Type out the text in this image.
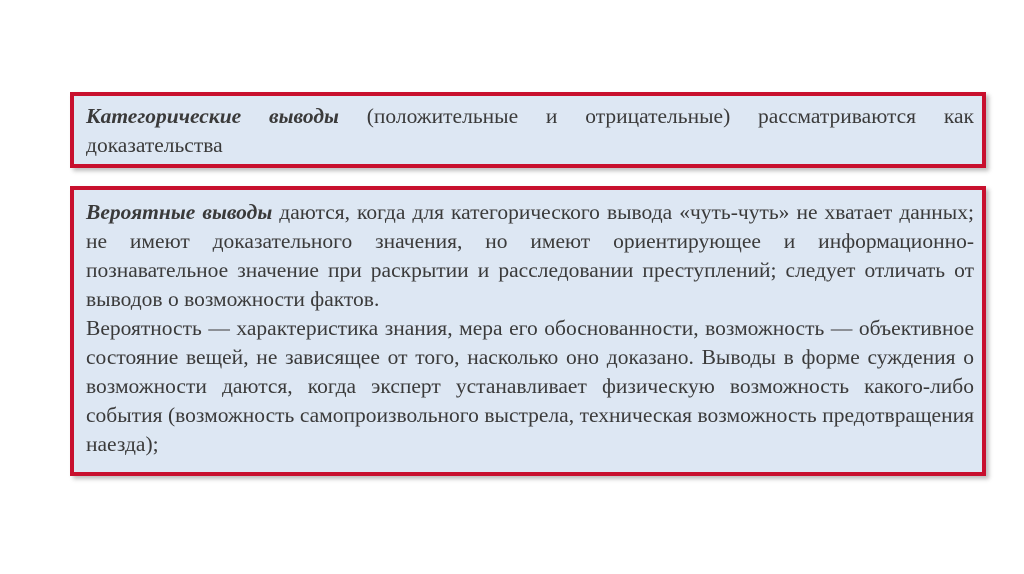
Категорические выводы (положительные и отрицательные) рассматриваются как доказательства

Вероятные выводы даются, когда для категорического вывода «чуть-чуть» не хватает данных; не имеют доказательного значения, но имеют ориентирующее и информационно-познавательное значение при раскрытии и расследовании преступлений; следует отличать от выводов о возможности фактов.

Вероятность — характеристика знания, мера его обоснованности, возможность — объективное состояние вещей, не зависящее от того, насколько оно доказано. Выводы в форме суждения о возможности даются, когда эксперт устанавливает физическую возможность какого-либо события (возможность самопроизвольного выстрела, техническая возможность предотвращения наезда);
